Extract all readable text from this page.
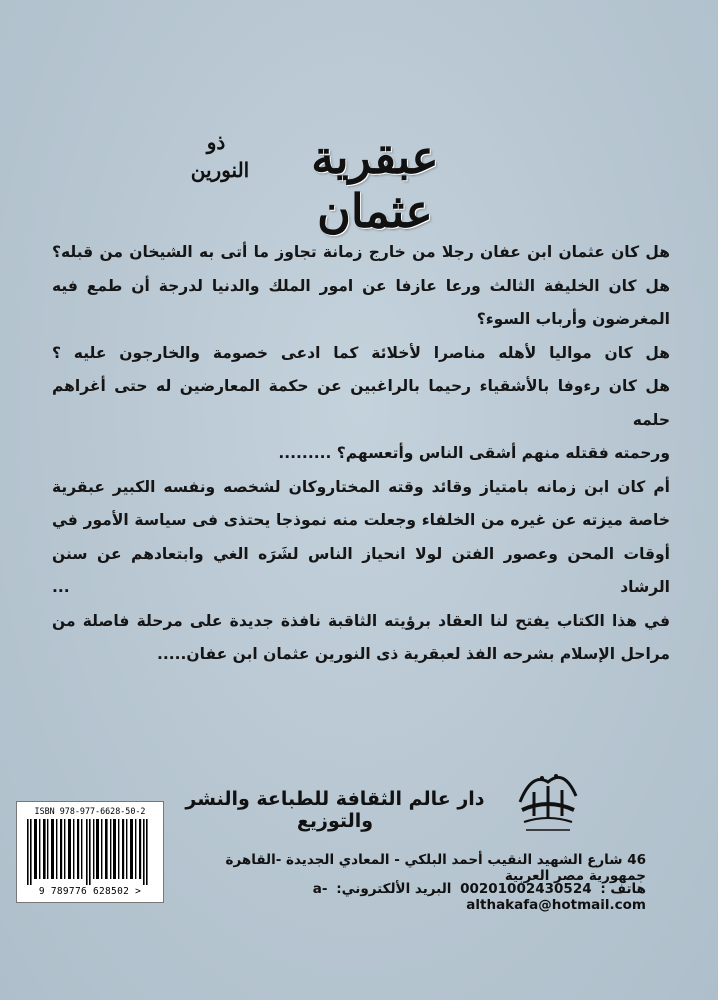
ذو
النورين	عبقرية عثمان

هل كان عثمان ابن عفان رجلا من خارج زمانة تجاوز ما أتى به الشيخان من قبله؟
هل كان الخليفة الثالث ورعا عازفا عن امور الملك والدنيا لدرجة أن طمع فيه
المغرضون وأرباب السوء؟

هل كان مواليا لأهله مناصرا لأخلائة كما ادعى خصومة والخارجون عليه ؟
هل كان رءوفا بالأشقياء رحيما بالراغبين عن حكمة المعارضين له حتى أغراهم حلمه
ورحمته فقتله منهم أشقى الناس وأتعسهم؟ .........

أم كان ابن زمانه بامتياز وقائد وقته المختاروكان لشخصه ونفسه الكبير عبقرية
خاصة ميزته عن غيره من الخلفاء وجعلت منه نموذجا يحتذى فى سياسة الأمور في
أوقات المحن وعصور الفتن لولا انحياز الناس لشَرَه الغي وابتعادهم عن سنن الرشاد ...
في هذا الكتاب يفتح لنا العقاد برؤيته الثاقبة نافذة جديدة على مرحلة فاصلة من
مراحل الإسلام بشرحه الفذ لعبقرية ذى النورين عثمان ابن عفان.....

دار عالم الثقافة للطباعة والنشر والتوزيع
ISBN 978-977-6628-50-2
9 789776 628502 >
46 شارع الشهيد النقيب أحمد البلكي - المعادي الجديدة -القاهرة جمهورية مصر العربية
هاتف : 00201002430524 البريد الألكتروني: a-althakafa@hotmail.com
